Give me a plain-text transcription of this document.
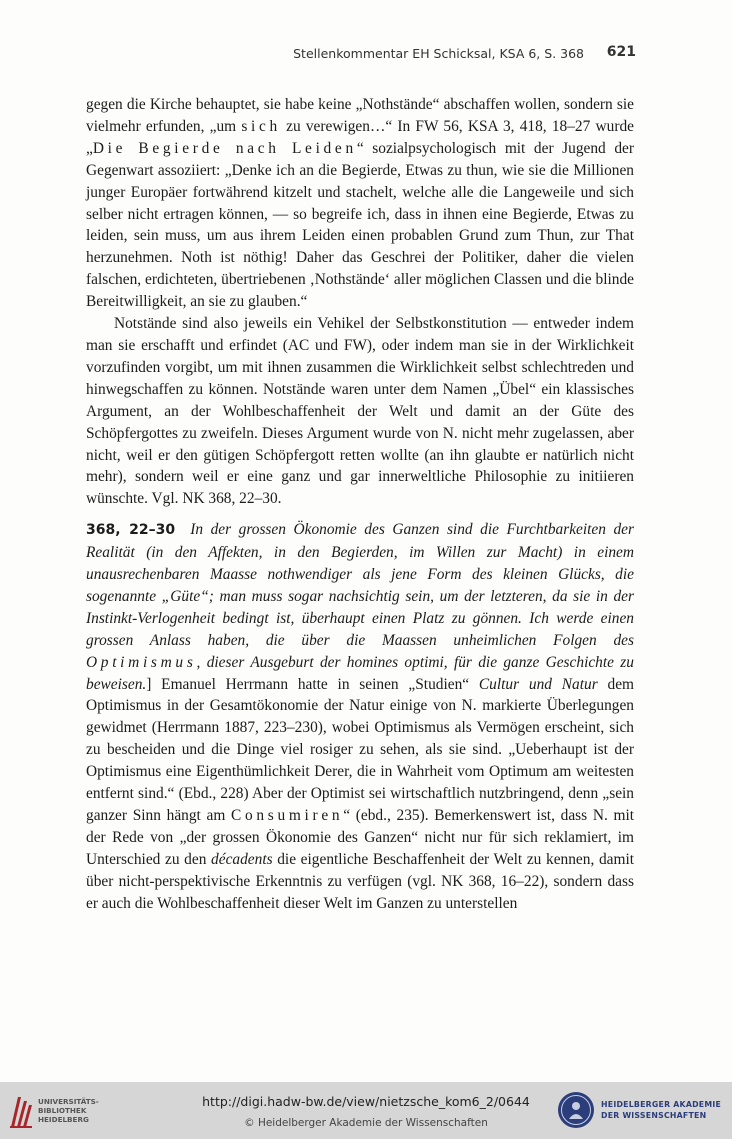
Stellenkommentar EH Schicksal, KSA 6, S. 368 621

gegen die Kirche behauptet, sie habe keine „Nothstände“ abschaffen wollen, sondern sie vielmehr erfunden, „um sich zu verewigen…“ In FW 56, KSA 3, 418, 18–27 wurde „Die Begierde nach Leiden“ sozialpsychologisch mit der Jugend der Gegenwart assoziiert: „Denke ich an die Begierde, Etwas zu thun, wie sie die Millionen junger Europäer fortwährend kitzelt und stachelt, welche alle die Langeweile und sich selber nicht ertragen können, — so begreife ich, dass in ihnen eine Begierde, Etwas zu leiden, sein muss, um aus ihrem Leiden einen probablen Grund zum Thun, zur That herzunehmen. Noth ist nöthig! Daher das Geschrei der Politiker, daher die vielen falschen, erdichteten, übertriebenen ‚Nothstände‘ aller möglichen Classen und die blinde Bereitwilligkeit, an sie zu glauben.“

Notstände sind also jeweils ein Vehikel der Selbstkonstitution — entweder indem man sie erschafft und erfindet (AC und FW), oder indem man sie in der Wirklichkeit vorzufinden vorgibt, um mit ihnen zusammen die Wirklichkeit selbst schlechtreden und hinwegschaffen zu können. Notstände waren unter dem Namen „Übel“ ein klassisches Argument, an der Wohlbeschaffenheit der Welt und damit an der Güte des Schöpfergottes zu zweifeln. Dieses Argument wurde von N. nicht mehr zugelassen, aber nicht, weil er den gütigen Schöpfergott retten wollte (an ihn glaubte er natürlich nicht mehr), sondern weil er eine ganz und gar innerweltliche Philosophie zu initiieren wünschte. Vgl. NK 368, 22–30.

368, 22–30 In der grossen Ökonomie des Ganzen sind die Furchtbarkeiten der Realität (in den Affekten, in den Begierden, im Willen zur Macht) in einem unausrechenbaren Maasse nothwendiger als jene Form des kleinen Glücks, die sogenannte „Güte“; man muss sogar nachsichtig sein, um der letzteren, da sie in der Instinkt-Verlogenheit bedingt ist, überhaupt einen Platz zu gönnen. Ich werde einen grossen Anlass haben, die über die Maassen unheimlichen Folgen des Optimismus, dieser Ausgeburt der homines optimi, für die ganze Geschichte zu beweisen.] Emanuel Herrmann hatte in seinen „Studien“ Cultur und Natur dem Optimismus in der Gesamtökonomie der Natur einige von N. markierte Überlegungen gewidmet (Herrmann 1887, 223–230), wobei Optimismus als Vermögen erscheint, sich zu bescheiden und die Dinge viel rosiger zu sehen, als sie sind. „Ueberhaupt ist der Optimismus eine Eigenthümlichkeit Derer, die in Wahrheit vom Optimum am weitesten entfernt sind.“ (Ebd., 228) Aber der Optimist sei wirtschaftlich nutzbringend, denn „sein ganzer Sinn hängt am Consumiren“ (ebd., 235). Bemerkenswert ist, dass N. mit der Rede von „der grossen Ökonomie des Ganzen“ nicht nur für sich reklamiert, im Unterschied zu den décadents die eigentliche Beschaffenheit der Welt zu kennen, damit über nicht-perspektivische Erkenntnis zu verfügen (vgl. NK 368, 16–22), sondern dass er auch die Wohlbeschaffenheit dieser Welt im Ganzen zu unterstellen

UNIVERSITÄTS-
BIBLIOTHEK
HEIDELBERG
http://digi.hadw-bw.de/view/nietzsche_kom6_2/0644
© Heidelberger Akademie der Wissenschaften
HEIDELBERGER AKADEMIE
DER WISSENSCHAFTEN
